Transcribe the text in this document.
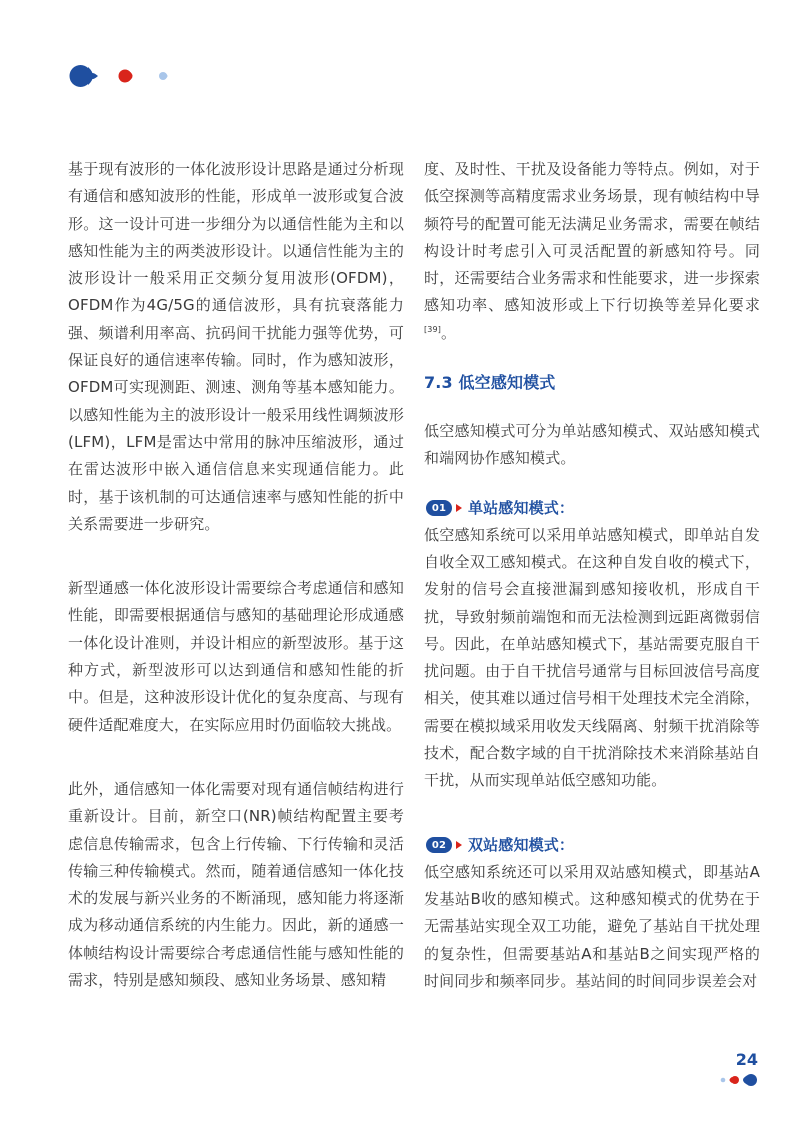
基于现有波形的一体化波形设计思路是通过分析现有通信和感知波形的性能，形成单一波形或复合波形。这一设计可进一步细分为以通信性能为主和以感知性能为主的两类波形设计。以通信性能为主的波形设计一般采用正交频分复用波形(OFDM)，OFDM作为4G/5G的通信波形，具有抗衰落能力强、频谱利用率高、抗码间干扰能力强等优势，可保证良好的通信速率传输。同时，作为感知波形，OFDM可实现测距、测速、测角等基本感知能力。以感知性能为主的波形设计一般采用线性调频波形(LFM)，LFM是雷达中常用的脉冲压缩波形，通过在雷达波形中嵌入通信信息来实现通信能力。此时，基于该机制的可达通信速率与感知性能的折中关系需要进一步研究。

新型通感一体化波形设计需要综合考虑通信和感知性能，即需要根据通信与感知的基础理论形成通感一体化设计准则，并设计相应的新型波形。基于这种方式，新型波形可以达到通信和感知性能的折中。但是，这种波形设计优化的复杂度高、与现有硬件适配难度大，在实际应用时仍面临较大挑战。

此外，通信感知一体化需要对现有通信帧结构进行重新设计。目前，新空口(NR)帧结构配置主要考虑信息传输需求，包含上行传输、下行传输和灵活传输三种传输模式。然而，随着通信感知一体化技术的发展与新兴业务的不断涌现，感知能力将逐渐成为移动通信系统的内生能力。因此，新的通感一体帧结构设计需要综合考虑通信性能与感知性能的需求，特别是感知频段、感知业务场景、感知精

度、及时性、干扰及设备能力等特点。例如，对于低空探测等高精度需求业务场景，现有帧结构中导频符号的配置可能无法满足业务需求，需要在帧结构设计时考虑引入可灵活配置的新感知符号。同时，还需要结合业务需求和性能要求，进一步探索感知功率、感知波形或上下行切换等差异化要求[39]。

7.3 低空感知模式

低空感知模式可分为单站感知模式、双站感知模式和端网协作感知模式。

01	单站感知模式：

低空感知系统可以采用单站感知模式，即单站自发自收全双工感知模式。在这种自发自收的模式下，发射的信号会直接泄漏到感知接收机，形成自干扰，导致射频前端饱和而无法检测到远距离微弱信号。因此，在单站感知模式下，基站需要克服自干扰问题。由于自干扰信号通常与目标回波信号高度相关，使其难以通过信号相干处理技术完全消除，需要在模拟域采用收发天线隔离、射频干扰消除等技术，配合数字域的自干扰消除技术来消除基站自干扰，从而实现单站低空感知功能。

02	双站感知模式：

低空感知系统还可以采用双站感知模式，即基站A发基站B收的感知模式。这种感知模式的优势在于无需基站实现全双工功能，避免了基站自干扰处理的复杂性，但需要基站A和基站B之间实现严格的时间同步和频率同步。基站间的时间同步误差会对

24
